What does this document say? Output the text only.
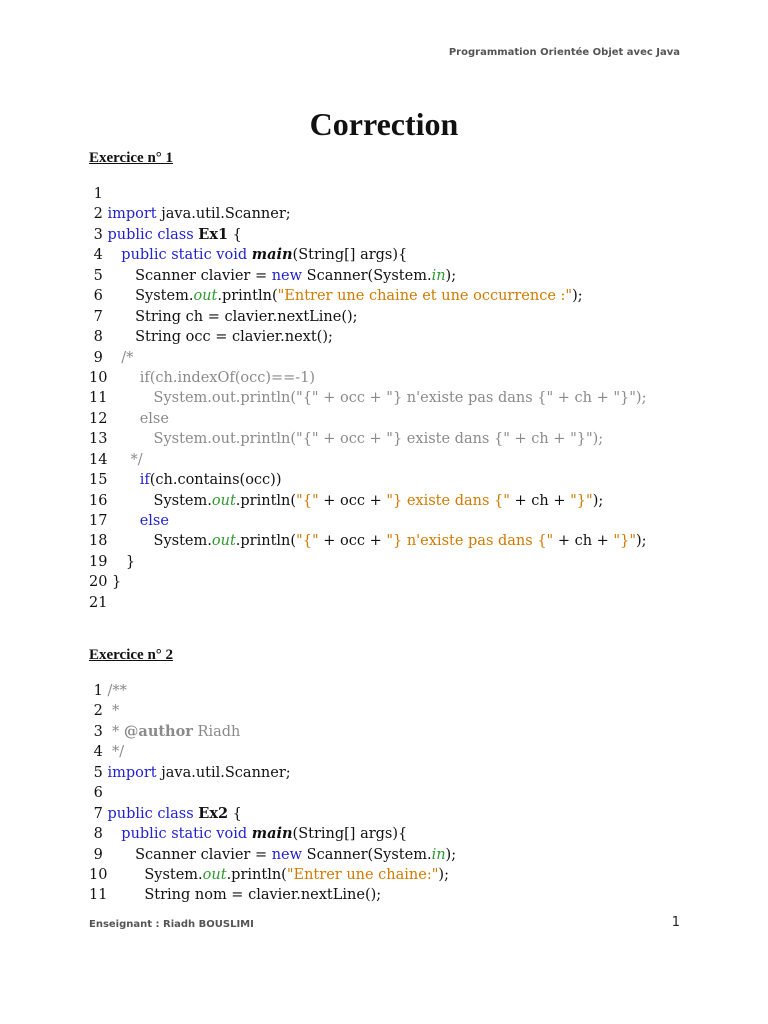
Programmation Orientée Objet avec Java
Correction
Exercice n° 1
1
2 import java.util.Scanner;
3 public class Ex1 {
4    public static void main(String[] args){
5       Scanner clavier = new Scanner(System.in);
6       System.out.println("Entrer une chaine et une occurrence :");
7       String ch = clavier.nextLine();
8       String occ = clavier.next();
9    /*
10       if(ch.indexOf(occ)==-1)
11          System.out.println("{" + occ + "} n'existe pas dans {" + ch + "}");
12       else
13          System.out.println("{" + occ + "} existe dans {" + ch + "}");
14     */
15       if(ch.contains(occ))
16          System.out.println("{" + occ + "} existe dans {" + ch + "}");
17       else
18          System.out.println("{" + occ + "} n'existe pas dans {" + ch + "}");
19    }
20 }
21
Exercice n° 2
1 /**
2  *
3  * @author Riadh
4  */
5 import java.util.Scanner;
6
7 public class Ex2 {
8    public static void main(String[] args){
9       Scanner clavier = new Scanner(System.in);
10        System.out.println("Entrer une chaine:");
11        String nom = clavier.nextLine();
Enseignant : Riadh BOUSLIMI	1
